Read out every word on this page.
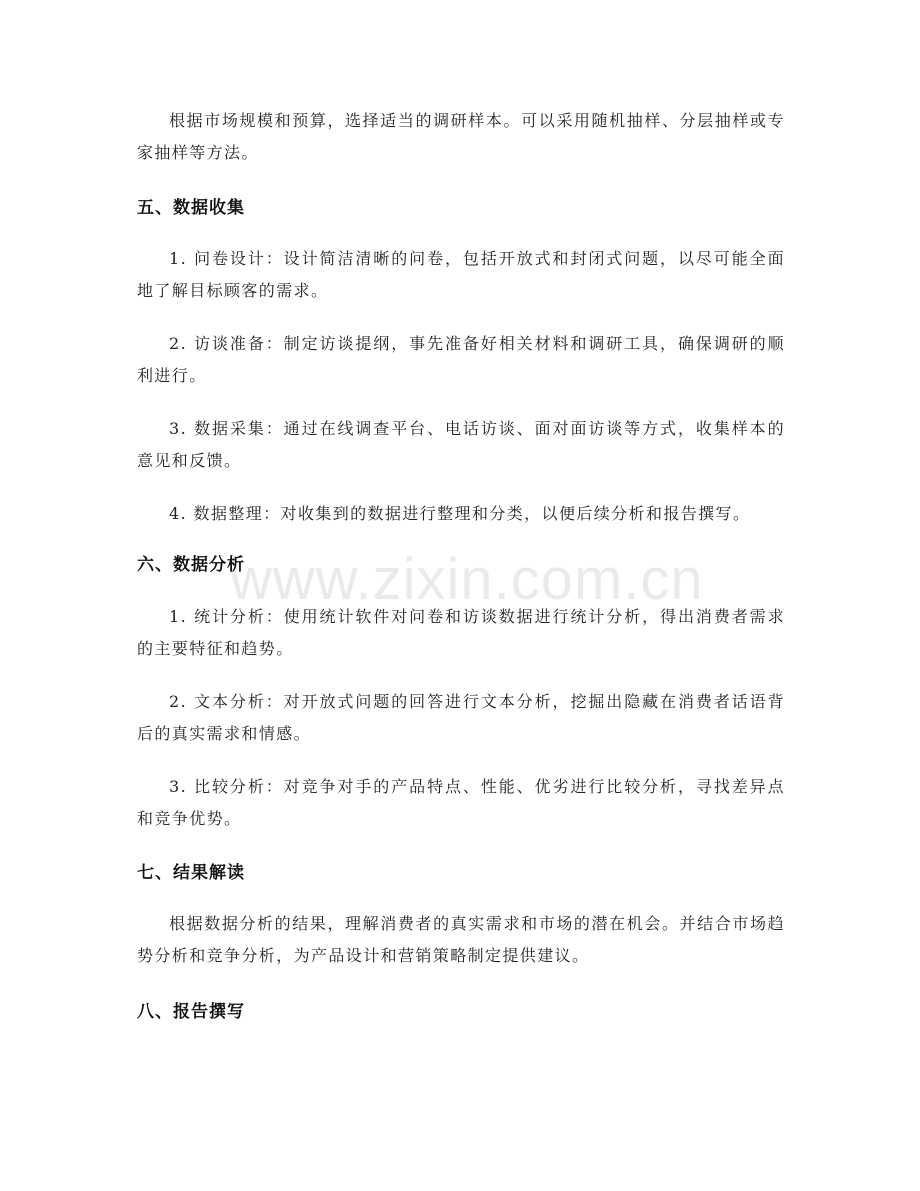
根据市场规模和预算，选择适当的调研样本。可以采用随机抽样、分层抽样或专家抽样等方法。

五、数据收集

1. 问卷设计：设计简洁清晰的问卷，包括开放式和封闭式问题，以尽可能全面地了解目标顾客的需求。

2. 访谈准备：制定访谈提纲，事先准备好相关材料和调研工具，确保调研的顺利进行。

3. 数据采集：通过在线调查平台、电话访谈、面对面访谈等方式，收集样本的意见和反馈。

4. 数据整理：对收集到的数据进行整理和分类，以便后续分析和报告撰写。

六、数据分析

1. 统计分析：使用统计软件对问卷和访谈数据进行统计分析，得出消费者需求的主要特征和趋势。

2. 文本分析：对开放式问题的回答进行文本分析，挖掘出隐藏在消费者话语背后的真实需求和情感。

3. 比较分析：对竞争对手的产品特点、性能、优劣进行比较分析，寻找差异点和竞争优势。

七、结果解读

根据数据分析的结果，理解消费者的真实需求和市场的潜在机会。并结合市场趋势分析和竞争分析，为产品设计和营销策略制定提供建议。

八、报告撰写
www.zixin.com.cn
